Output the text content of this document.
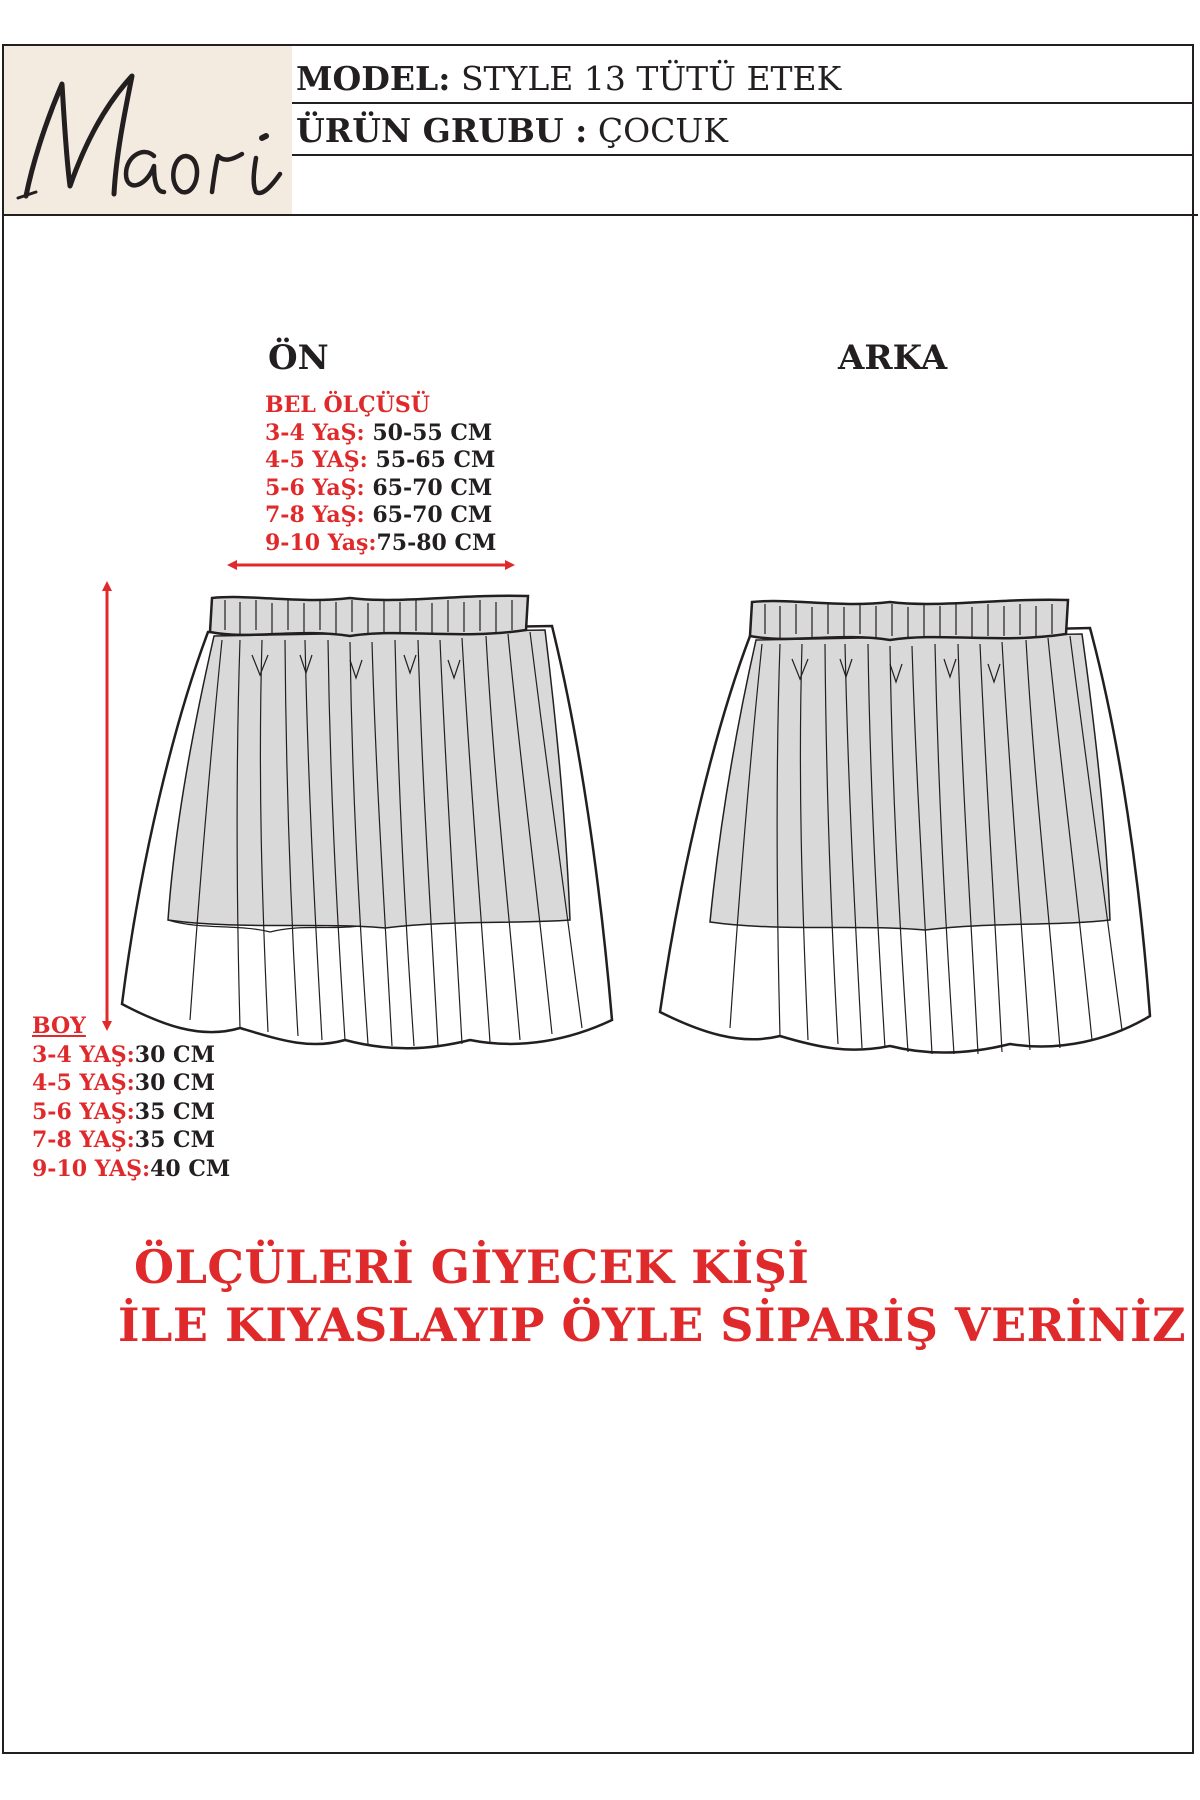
MODEL: STYLE 13 TÜTÜ ETEK
ÜRÜN GRUBU : ÇOCUK
ÖN	ARKA
BEL ÖLÇÜSÜ
3-4 YaŞ: 50-55 CM
4-5 YAŞ: 55-65 CM
5-6 YaŞ: 65-70 CM
7-8 YaŞ: 65-70 CM
9-10 Yaş:75-80 CM
BOY
3-4 YAŞ:30 CM
4-5 YAŞ:30 CM
5-6 YAŞ:35 CM
7-8 YAŞ:35 CM
9-10 YAŞ:40 CM
ÖLÇÜLERİ GİYECEK KİŞİ
İLE KIYASLAYIP ÖYLE SİPARİŞ VERİNİZ
